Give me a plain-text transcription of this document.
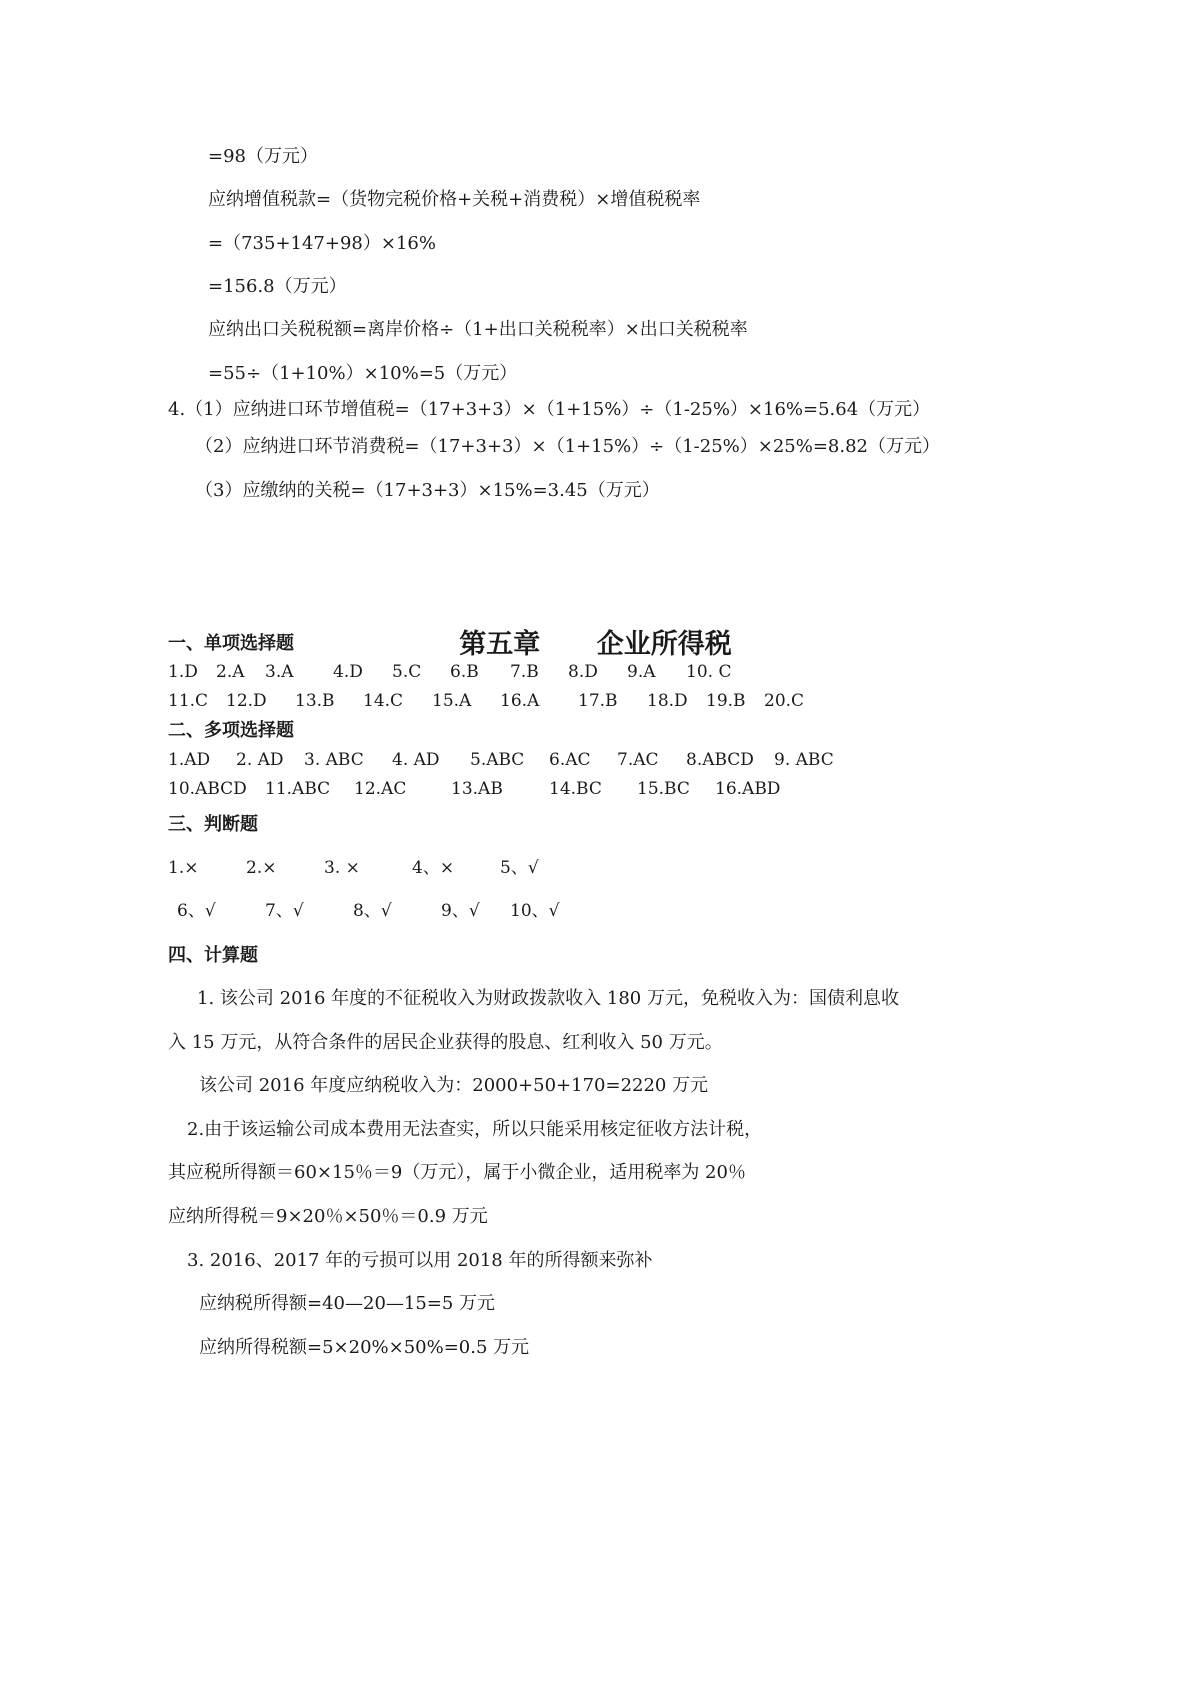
=98（万元）
应纳增值税款=（货物完税价格+关税+消费税）×增值税税率
=（735+147+98）×16%
=156.8（万元）
应纳出口关税税额=离岸价格÷（1+出口关税税率）×出口关税税率
=55÷（1+10%）×10%=5（万元）
4.（1）应纳进口环节增值税=（17+3+3）×（1+15%）÷（1-25%）×16%=5.64（万元）
（2）应纳进口环节消费税=（17+3+3）×（1+15%）÷（1-25%）×25%=8.82（万元）
（3）应缴纳的关税=（17+3+3）×15%=3.45（万元）
第五章      企业所得税
一、单项选择题
1.D 2.A 3.A 4.D 5.C 6.B 7.B 8.D 9.A 10. C
11.C 12.D 13.B 14.C 15.A 16.A 17.B 18.D 19.B 20.C
二、多项选择题
1.AD 2. AD 3. ABC 4. AD 5.ABC 6.AC 7.AC 8.ABCD 9. ABC
10.ABCD 11.ABC 12.AC	13.AB	14.BC 15.BC 16.ABD
三、判断题
1.×	2.×	3. ×	4、×	5、√
6、√	7、√	8、√	9、√ 10、√
四、计算题
1. 该公司 2016 年度的不征税收入为财政拨款收入 180 万元，免税收入为：国债利息收
入 15 万元，从符合条件的居民企业获得的股息、红利收入 50 万元。
该公司 2016 年度应纳税收入为：2000+50+170=2220 万元
2.由于该运输公司成本费用无法查实，所以只能采用核定征收方法计税，
其应税所得额＝60×15％＝9（万元），属于小微企业，适用税率为 20％
应纳所得税＝9×20％×50％＝0.9 万元
3. 2016、2017 年的亏损可以用 2018 年的所得额来弥补
应纳税所得额=40—20—15=5 万元
应纳所得税额=5×20%×50%=0.5 万元
